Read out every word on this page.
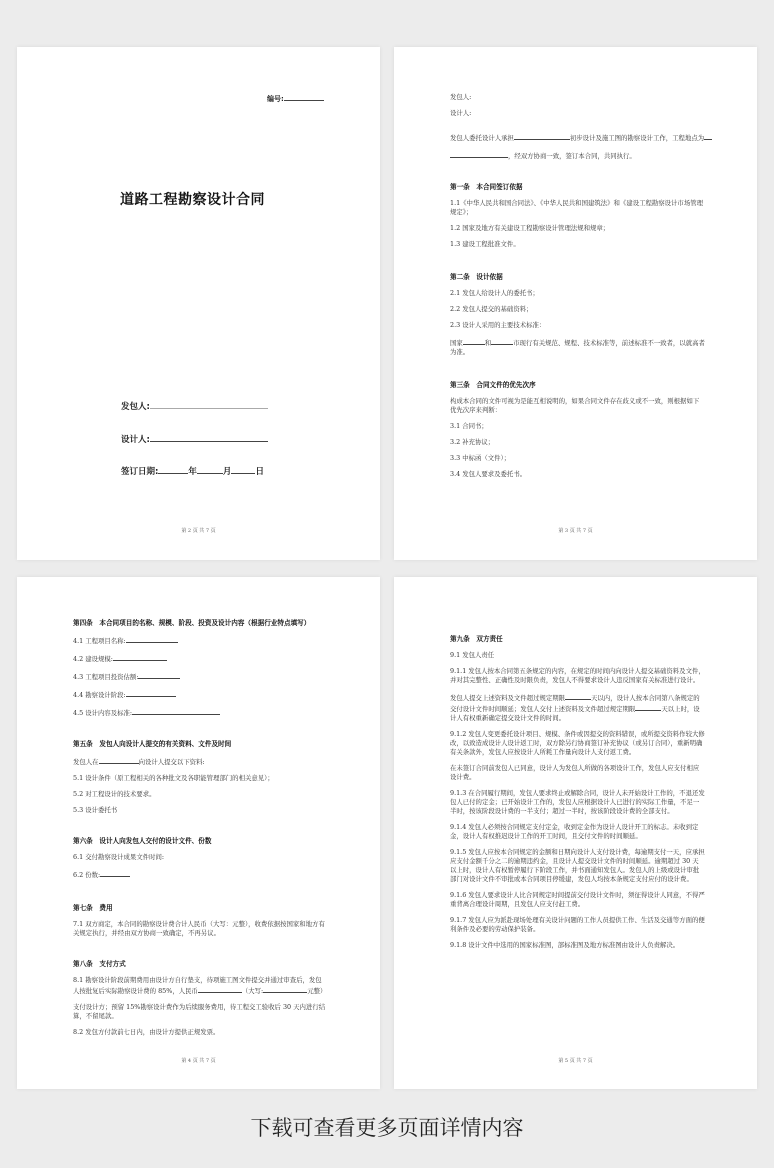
编号:
道路工程勘察设计合同
发包人:
设计人:
签订日期:	年	月	日
第 2 页 共 7 页
发包人:
设计人:
发包人委托设计人承担	初步设计及施工图的勘察设计工作，工程地点为
，经双方协商一致，签订本合同，共同执行。
第一条　本合同签订依据
1.1《中华人民共和国合同法》、《中华人民共和国建筑法》和《建设工程勘察设计市场管理规定》；
1.2 国家及地方有关建设工程勘察设计管理法规和规章；
1.3 建设工程批准文件。
第二条　设计依据
2.1 发包人给设计人的委托书；
2.2 发包人提交的基础资料；
2.3 设计人采用的主要技术标准：
国家	和	市现行有关规范、规程、技术标准等，前述标准不一致者，以就高者为准。
第三条　合同文件的优先次序
构成本合同的文件可视为是能互相说明的，如果合同文件存在歧义或不一致，则根据如下优先次序来判断：
3.1 合同书；
3.2 补充协议；
3.3 中标函（文件）；
3.4 发包人要求及委托书。
第 3 页 共 7 页
第四条　本合同项目的名称、规模、阶段、投资及设计内容（根据行业特点填写）
4.1 工程项目名称:
4.2 建设规模:
4.3 工程项目投资估额:
4.4 勘察设计阶段:
4.5 设计内容及标准:
第五条　发包人向设计人提交的有关资料、文件及时间
发包人在	向设计人提交以下资料:
5.1 设计条件（原工程相关的各种批文及各职能管理部门的相关意见）；
5.2 对工程设计的技术要求。
5.3 设计委托书
第六条　设计人向发包人交付的设计文件、份数
6.1 交付勘察设计成果文件时间:
6.2 份数:
第七条　费用
7.1 双方商定，本合同的勘察设计费合计人民币（大写：元整），收费依据按国家和地方有关规定执行，并经由双方协商一致确定，不再另议。
第八条　支付方式
8.1 勘察设计阶段前期费用由设计方自行垫支，待项施工图文件提交并通过审查后，发包人按批复后实际勘察设计费的 85%，人民币	（大写:	元整）
支付设计方；预留 15%勘察设计费作为后续服务费用，待工程交工验收后 30 天内进行结算，不留尾款。
8.2 发包方付款前七日内，由设计方提供正规发票。
第 4 页 共 7 页
第九条　双方责任
9.1 发包人责任
9.1.1 发包人按本合同第五条规定的内容，在规定的时间内向设计人提交基础资料及文件，并对其完整性、正确性及时限负责，发包人不得要求设计人违反国家有关标准进行设计。
发包人提交上述资料及文件超过规定期限	天以内，设计人按本合同第八条规定的交付设计文件时间顺延；发包人交付上述资料及文件超过规定期限	天以上时，设计人有权重新确定提交设计文件的时间。
9.1.2 发包人变更委托设计项目、规模、条件或因提交的资料错误，或所提交资料作较大修改，以致造成设计人设计返工时，双方除另行协商签订补充协议（或另订合同），重新明确有关条款外，发包人应按设计人所耗工作量向设计人支付返工费。
在未签订合同前发包人已同意，设计人为发包人所做的各项设计工作，发包人应支付相应设计费。
9.1.3 在合同履行期间，发包人要求终止或解除合同，设计人未开始设计工作的，不退还发包人已付的定金；已开始设计工作的，发包人应根据设计人已进行的实际工作量，不足一半时，按该阶段设计费的一半支付；超过一半时，按该阶段设计费的全部支付。
9.1.4 发包人必须按合同规定支付定金，收到定金作为设计人设计开工的标志。未收到定金，设计人有权推迟设计工作的开工时间，且交付文件的时间顺延。
9.1.5 发包人应按本合同规定的金额和日期向设计人支付设计费，每逾期支付一天，应承担应支付金额千分之二的逾期违约金，且设计人提交设计文件的时间顺延。逾期超过 30 天以上时，设计人有权暂停履行下阶段工作，并书面通知发包人。发包人的上级或设计审批部门对设计文件不审批或本合同项目停缓建，发包人均按本条规定支付应付的设计费。
9.1.6 发包人要求设计人比合同规定时间提前交付设计文件时，须征得设计人同意，不得严重背离合理设计周期，且发包人应支付赶工费。
9.1.7 发包人应为派赴现场处理有关设计问题的工作人员提供工作、生活及交通等方面的便利条件及必要的劳动保护装备。
9.1.8 设计文件中选用的国家标准图，部标准图及地方标准图由设计人负责解决。
第 5 页 共 7 页
下载可查看更多页面详情内容
